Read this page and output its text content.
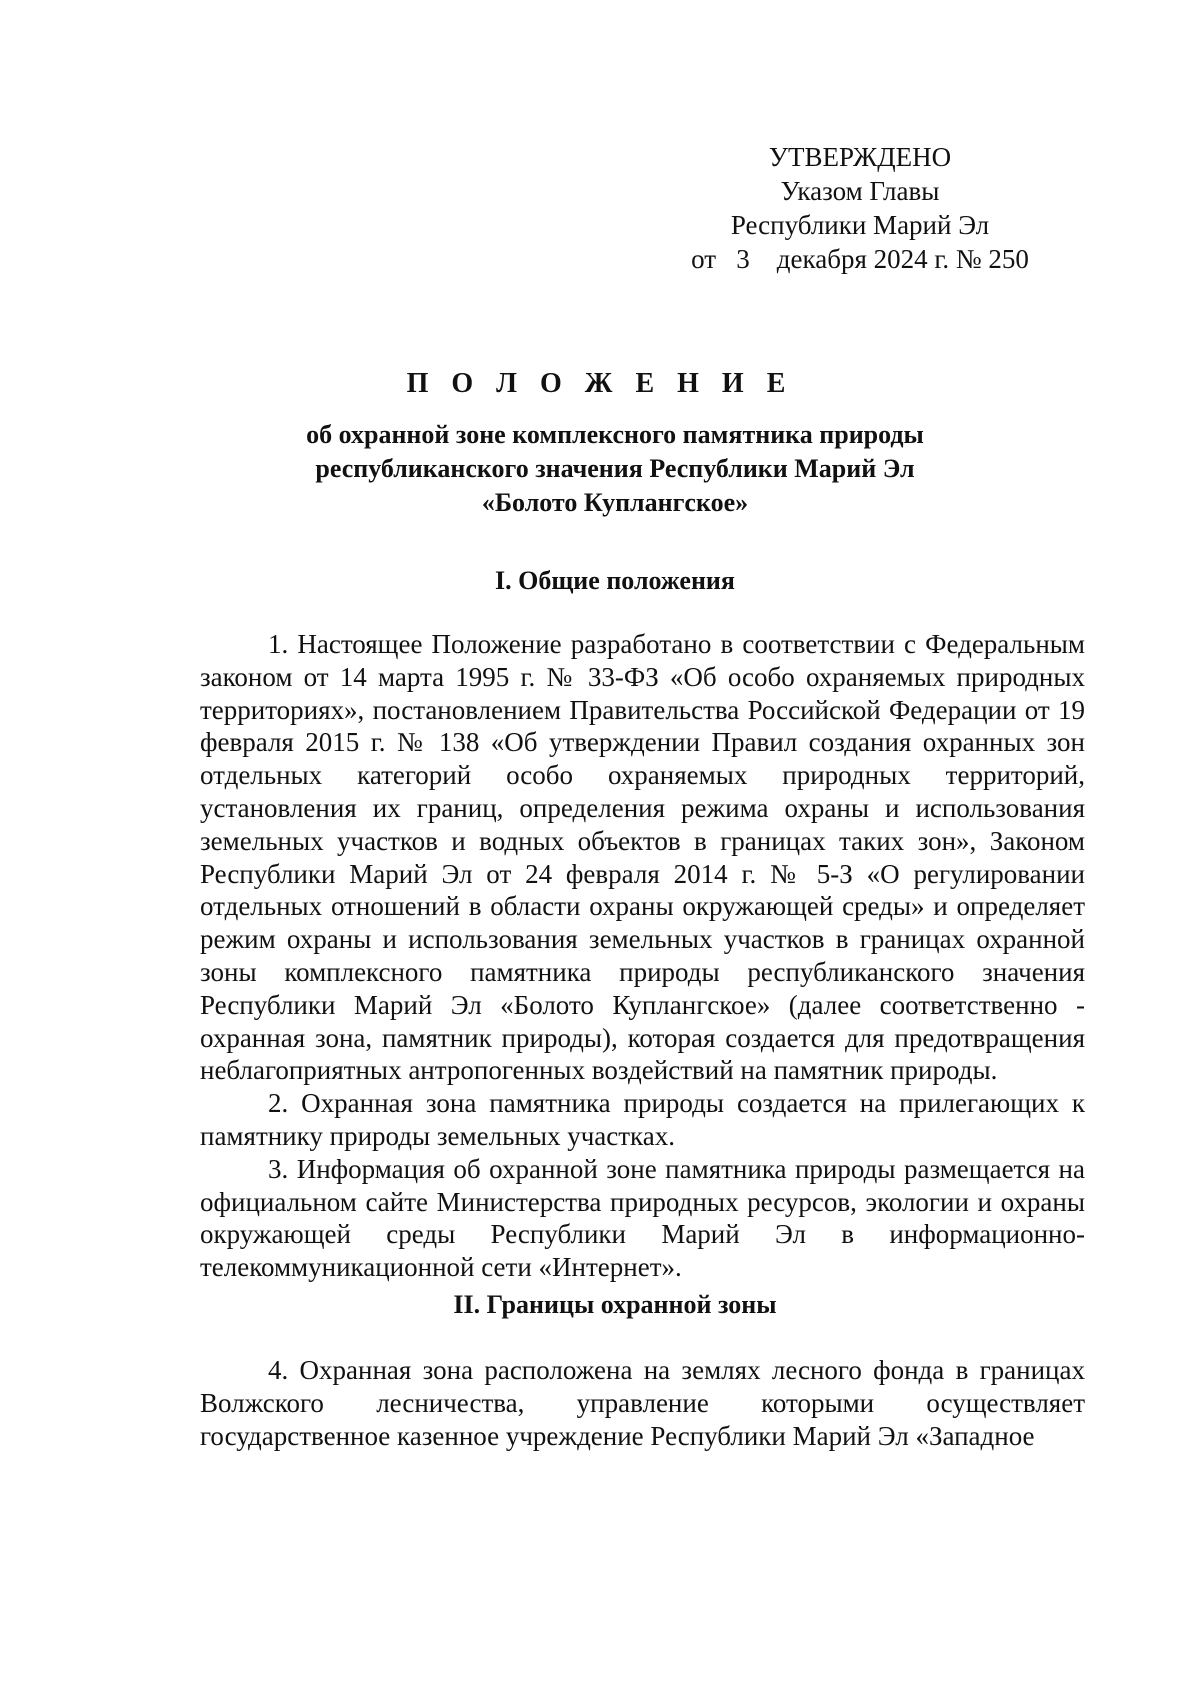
УТВЕРЖДЕНО
Указом Главы
Республики Марий Эл
от   3    декабря 2024 г. № 250
П О Л О Ж Е Н И Е
об охранной зоне комплексного памятника природы
республиканского значения Республики Марий Эл
«Болото Куплангское»
I. Общие положения

1. Настоящее Положение разработано в соответствии с Федеральным законом от 14 марта 1995 г. № 33-ФЗ «Об особо охраняемых природных территориях», постановлением Правительства Российской Федерации от 19 февраля 2015 г. № 138 «Об утверждении Правил создания охранных зон отдельных категорий особо охраняемых природных территорий, установления их границ, определения режима охраны и использования земельных участков и водных объектов в границах таких зон», Законом Республики Марий Эл от 24 февраля 2014 г. № 5-З «О регулировании отдельных отношений в области охраны окружающей среды» и определяет режим охраны и использования земельных участков в границах охранной зоны комплексного памятника природы республиканского значения Республики Марий Эл «Болото Куплангское» (далее соответственно - охранная зона, памятник природы), которая создается для предотвращения неблагоприятных антропогенных воздействий на памятник природы.

2. Охранная зона памятника природы создается на прилегающих к памятнику природы земельных участках.

3. Информация об охранной зоне памятника природы размещается на официальном сайте Министерства природных ресурсов, экологии и охраны окружающей среды Республики Марий Эл в информационно-телекоммуникационной сети «Интернет».

II. Границы охранной зоны

4. Охранная зона расположена на землях лесного фонда в границах Волжского лесничества, управление которыми осуществляет государственное казенное учреждение Республики Марий Эл «Западное
